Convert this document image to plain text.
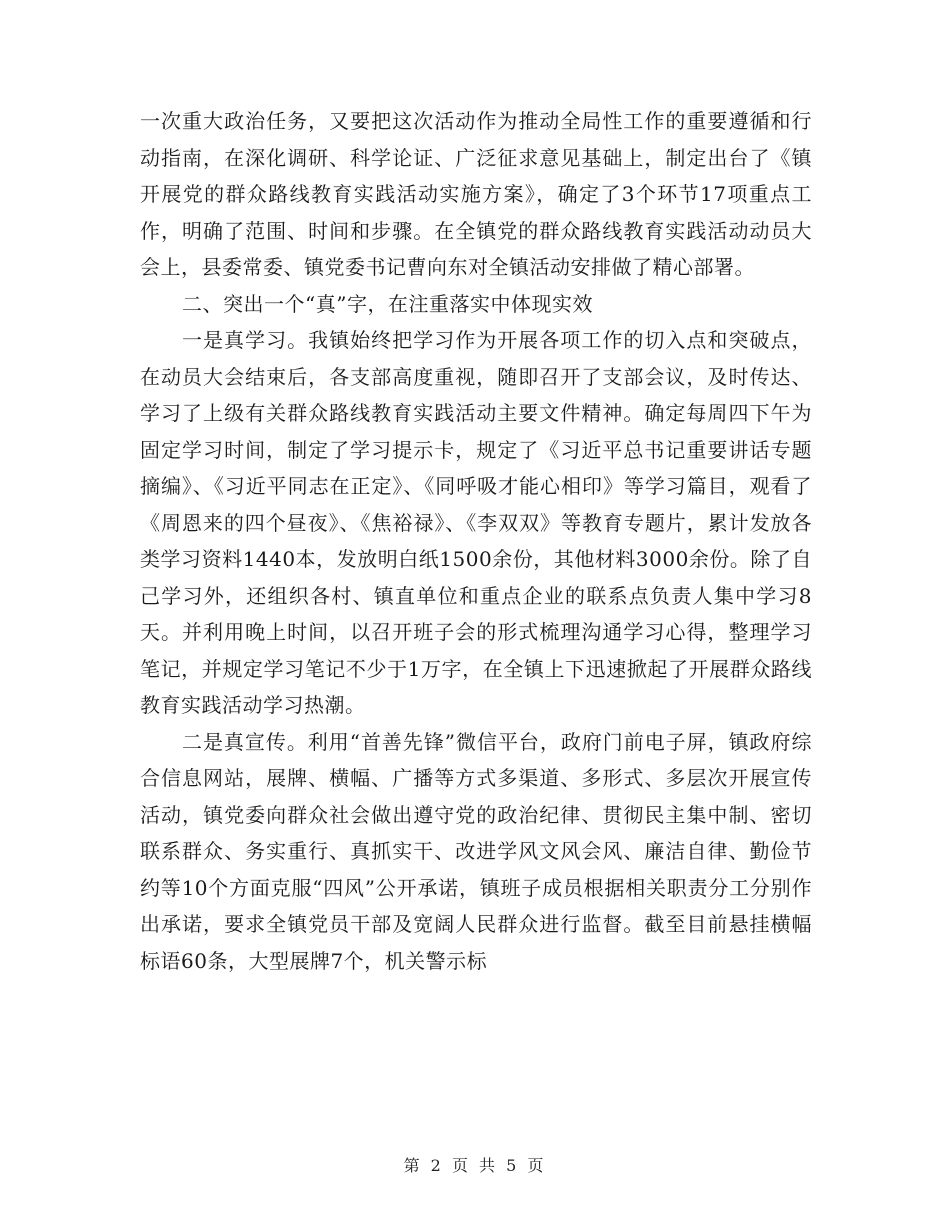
一次重大政治任务，又要把这次活动作为推动全局性工作的重要遵循和行动指南，在深化调研、科学论证、广泛征求意见基础上，制定出台了《镇开展党的群众路线教育实践活动实施方案》，确定了3个环节17项重点工作，明确了范围、时间和步骤。在全镇党的群众路线教育实践活动动员大会上，县委常委、镇党委书记曹向东对全镇活动安排做了精心部署。

二、突出一个“真”字，在注重落实中体现实效

一是真学习。我镇始终把学习作为开展各项工作的切入点和突破点，在动员大会结束后，各支部高度重视，随即召开了支部会议，及时传达、学习了上级有关群众路线教育实践活动主要文件精神。确定每周四下午为固定学习时间，制定了学习提示卡，规定了《习近平总书记重要讲话专题摘编》、《习近平同志在正定》、《同呼吸才能心相印》等学习篇目，观看了《周恩来的四个昼夜》、《焦裕禄》、《李双双》等教育专题片，累计发放各类学习资料1440本，发放明白纸1500余份，其他材料3000余份。除了自己学习外，还组织各村、镇直单位和重点企业的联系点负责人集中学习8天。并利用晚上时间，以召开班子会的形式梳理沟通学习心得，整理学习笔记，并规定学习笔记不少于1万字，在全镇上下迅速掀起了开展群众路线教育实践活动学习热潮。

二是真宣传。利用“首善先锋”微信平台，政府门前电子屏，镇政府综合信息网站，展牌、横幅、广播等方式多渠道、多形式、多层次开展宣传活动，镇党委向群众社会做出遵守党的政治纪律、贯彻民主集中制、密切联系群众、务实重行、真抓实干、改进学风文风会风、廉洁自律、勤俭节约等10个方面克服“四风”公开承诺，镇班子成员根据相关职责分工分别作出承诺，要求全镇党员干部及宽阔人民群众进行监督。截至目前悬挂横幅标语60条，大型展牌7个，机关警示标

第 2 页 共 5 页
